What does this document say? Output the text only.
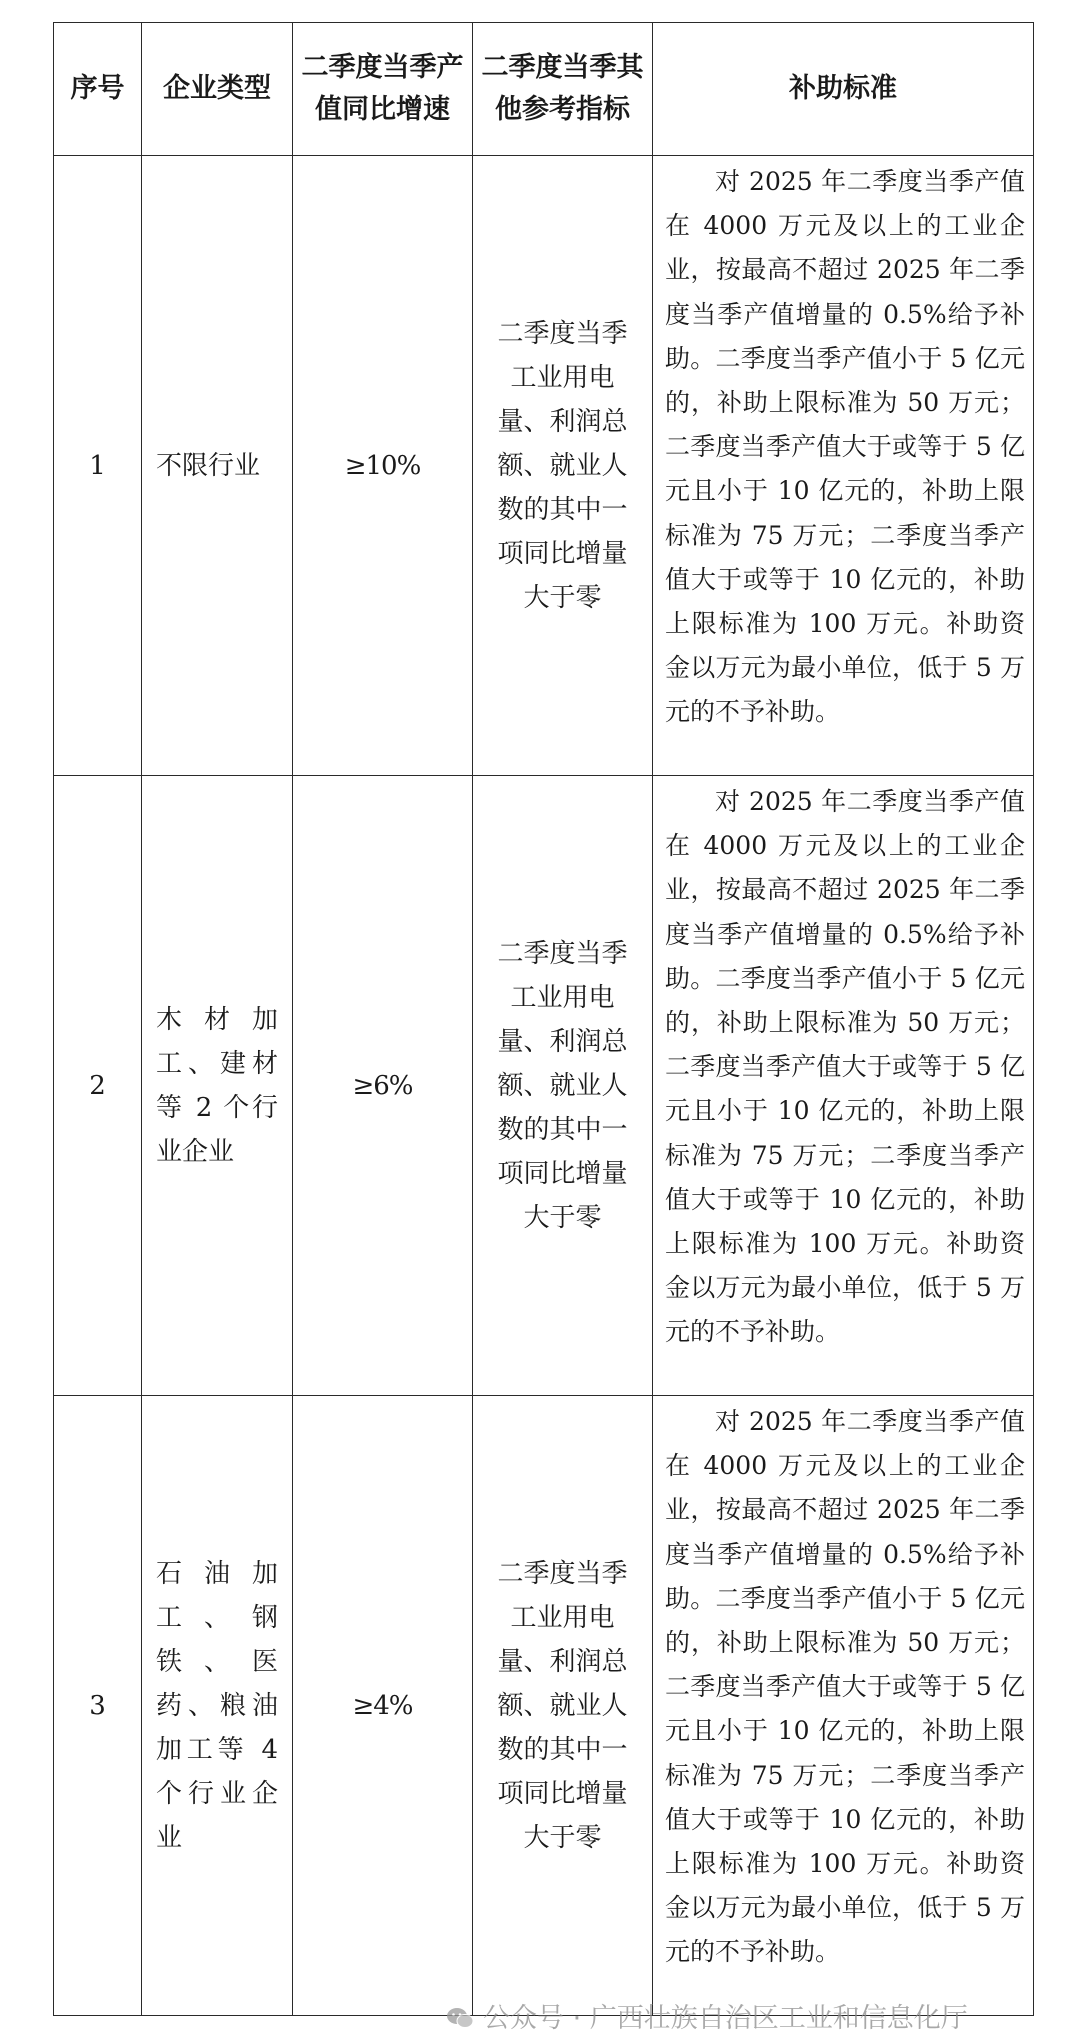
序号	企业类型	二季度当季产值同比增速	二季度当季其他参考指标	补助标准
1	不限行业	≥10%	二季度当季工业用电量、利润总额、就业人数的其中一项同比增量大于零	对 2025 年二季度当季产值在 4000 万元及以上的工业企业，按最高不超过 2025 年二季度当季产值增量的 0.5%给予补助。二季度当季产值小于 5 亿元的，补助上限标准为 50 万元；二季度当季产值大于或等于 5 亿元且小于 10 亿元的，补助上限标准为 75 万元；二季度当季产值大于或等于 10 亿元的，补助上限标准为 100 万元。补助资金以万元为最小单位，低于 5 万元的不予补助。

2	木材加工、建材等 2 个行业企业	≥6%	二季度当季工业用电量、利润总额、就业人数的其中一项同比增量大于零	对 2025 年二季度当季产值在 4000 万元及以上的工业企业，按最高不超过 2025 年二季度当季产值增量的 0.5%给予补助。二季度当季产值小于 5 亿元的，补助上限标准为 50 万元；二季度当季产值大于或等于 5 亿元且小于 10 亿元的，补助上限标准为 75 万元；二季度当季产值大于或等于 10 亿元的，补助上限标准为 100 万元。补助资金以万元为最小单位，低于 5 万元的不予补助。

3	石油加工、钢铁、医药、粮油加工等 4 个行业企业	≥4%	二季度当季工业用电量、利润总额、就业人数的其中一项同比增量大于零	对 2025 年二季度当季产值在 4000 万元及以上的工业企业，按最高不超过 2025 年二季度当季产值增量的 0.5%给予补助。二季度当季产值小于 5 亿元的，补助上限标准为 50 万元；二季度当季产值大于或等于 5 亿元且小于 10 亿元的，补助上限标准为 75 万元；二季度当季产值大于或等于 10 亿元的，补助上限标准为 100 万元。补助资金以万元为最小单位，低于 5 万元的不予补助。
公众号 · 广西壮族自治区工业和信息化厅
